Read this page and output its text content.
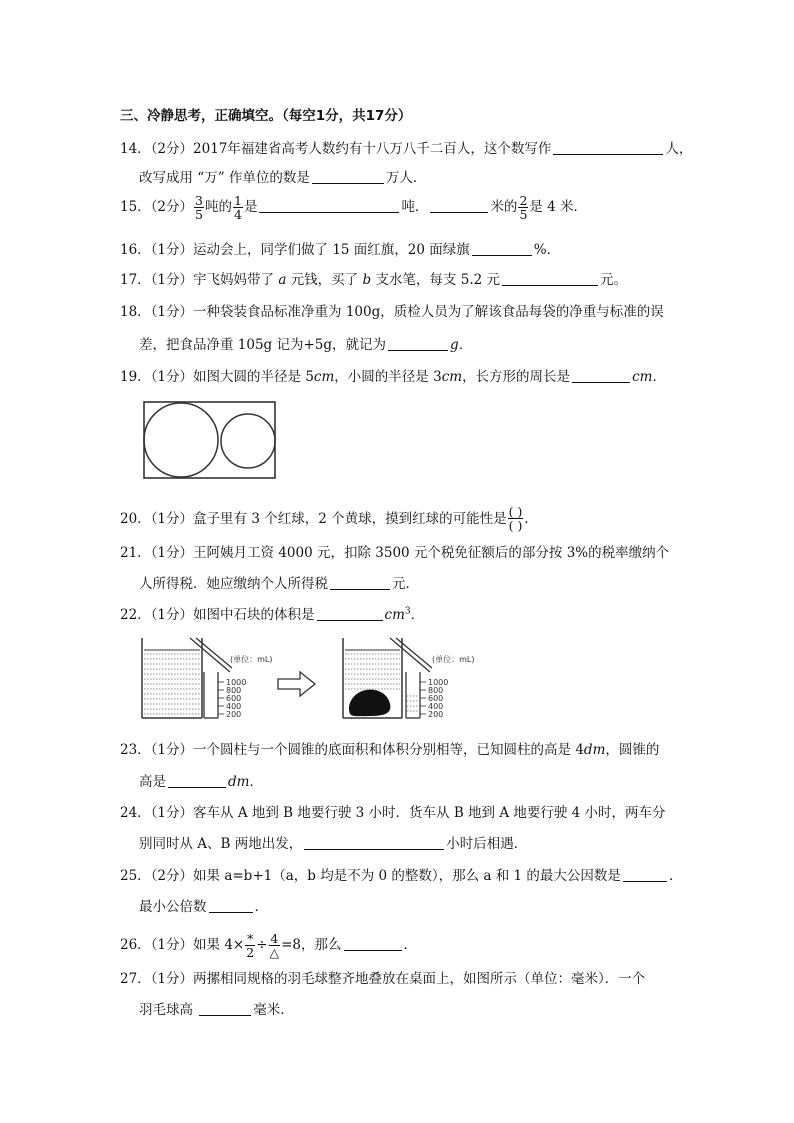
三、冷静思考，正确填空。（每空1分，共17分）
14．（2分）2017年福建省高考人数约有十八万八千二百人，这个数写作	人，
改写成用 “万” 作单位的数是	万人．
15．（2分） $\frac{3}{5}$ 吨的 $\frac{1}{4}$ 是	吨．	米的 $\frac{2}{5}$ 是 4 米．
16．（1分）运动会上，同学们做了 15 面红旗，20 面绿旗	%．
17．（1分）宇飞妈妈带了 a 元钱，买了 b 支水笔，每支 5.2 元	元。
18．（1分）一种袋装食品标准净重为 100g，质检人员为了解该食品每袋的净重与标准的误
差，把食品净重 105g 记为+5g，就记为	g．
19．（1分）如图大圆的半径是 5cm，小圆的半径是 3cm，长方形的周长是	cm．
20．（1分）盒子里有 3 个红球，2 个黄球，摸到红球的可能性是 $\frac{( )}{( )}$ ．
21．（1分）王阿姨月工资 4000 元，扣除 3500 元个税免征额后的部分按 3%的税率缴纳个
人所得税．她应缴纳个人所得税	元．
22．（1分）如图中石块的体积是	$cm^3$．
(单位：mL)
1000
800
600
400
200
(单位：mL)
1000
800
600
400
200
23．（1分）一个圆柱与一个圆锥的底面积和体积分别相等，已知圆柱的高是 4dm，圆锥的
高是	dm．
24．（1分）客车从 A 地到 B 地要行驶 3 小时．货车从 B 地到 A 地要行驶 4 小时，两车分
别同时从 A、B 两地出发，	小时后相遇．
25．（2分）如果 a=b+1（a，b 均是不为 0 的整数），那么 a 和 1 的最大公因数是	．
最小公倍数	．
26．（1分）如果 $4\times \frac{*}{2} \div \frac{4}{\triangle} =8$，那么	．
27．（1分）两摞相同规格的羽毛球整齐地叠放在桌面上，如图所示（单位：毫米）．一个
羽毛球高	毫米．
